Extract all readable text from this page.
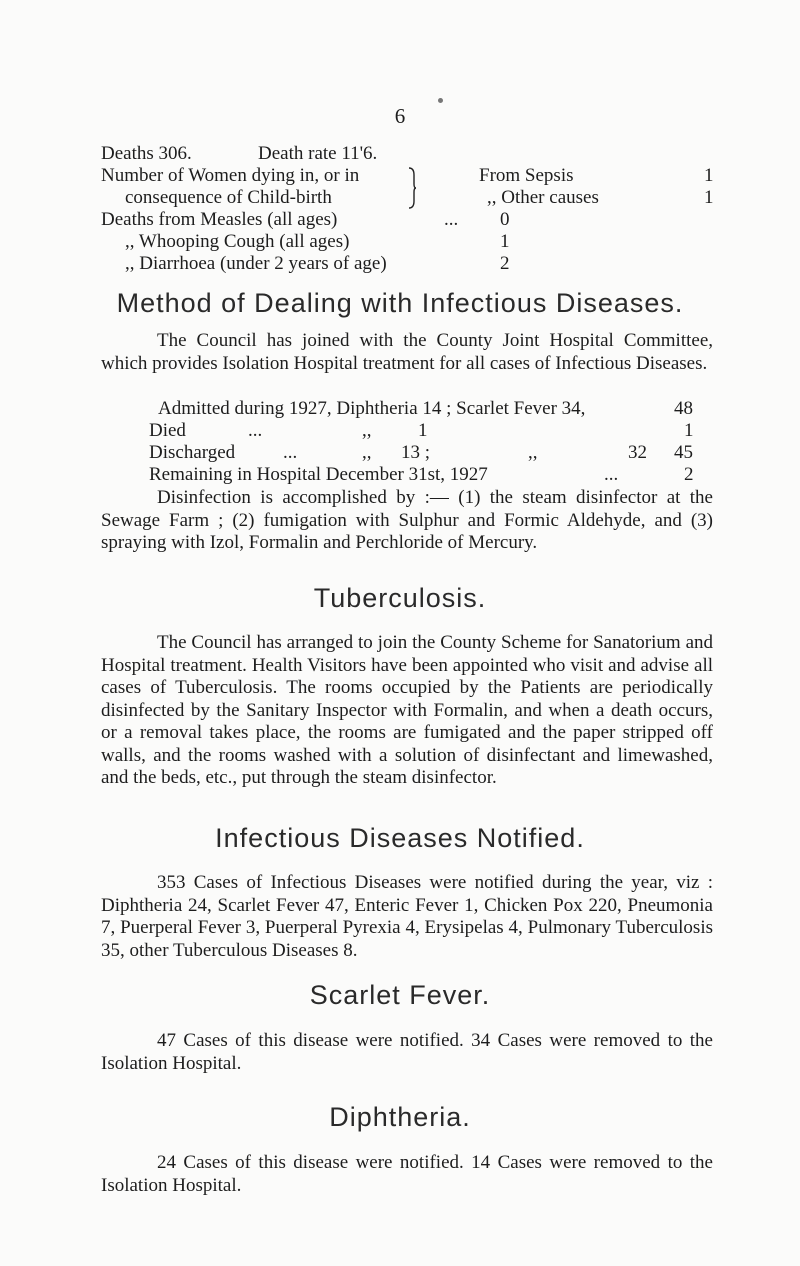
6
Deaths 306.	Death rate 11'6.
Number of Women dying in, or in
consequence of Child-birth
From Sepsis	1
,, Other causes	1
Deaths from Measles (all ages)	... 0
,, Whooping Cough (all ages)	1
,, Diarrhoea (under 2 years of age)	2
Method of Dealing with Infectious Diseases.
The Council has joined with the County Joint Hospital Committee, which provides Isolation Hospital treatment for all cases of Infectious Diseases.
Admitted during 1927, Diphtheria 14 ; Scarlet Fever 34,	48
Died	...	,, 1	1
Discharged	...	,, 13 ;	,,	32 45
Remaining in Hospital December 31st, 1927	...	2
Disinfection is accomplished by :— (1) the steam disinfector at the Sewage Farm ; (2) fumigation with Sulphur and Formic Aldehyde, and (3) spraying with Izol, Formalin and Perchloride of Mercury.
Tuberculosis.
The Council has arranged to join the County Scheme for Sanatorium and Hospital treatment. Health Visitors have been appointed who visit and advise all cases of Tuberculosis. The rooms occupied by the Patients are periodically disinfected by the Sanitary Inspector with Formalin, and when a death occurs, or a removal takes place, the rooms are fumigated and the paper stripped off walls, and the rooms washed with a solution of disinfectant and limewashed, and the beds, etc., put through the steam disinfector.
Infectious Diseases Notified.
353 Cases of Infectious Diseases were notified during the year, viz : Diphtheria 24, Scarlet Fever 47, Enteric Fever 1, Chicken Pox 220, Pneumonia 7, Puerperal Fever 3, Puerperal Pyrexia 4, Erysipelas 4, Pulmonary Tuberculosis 35, other Tuberculous Diseases 8.
Scarlet Fever.
47 Cases of this disease were notified. 34 Cases were removed to the Isolation Hospital.
Diphtheria.
24 Cases of this disease were notified. 14 Cases were removed to the Isolation Hospital.
